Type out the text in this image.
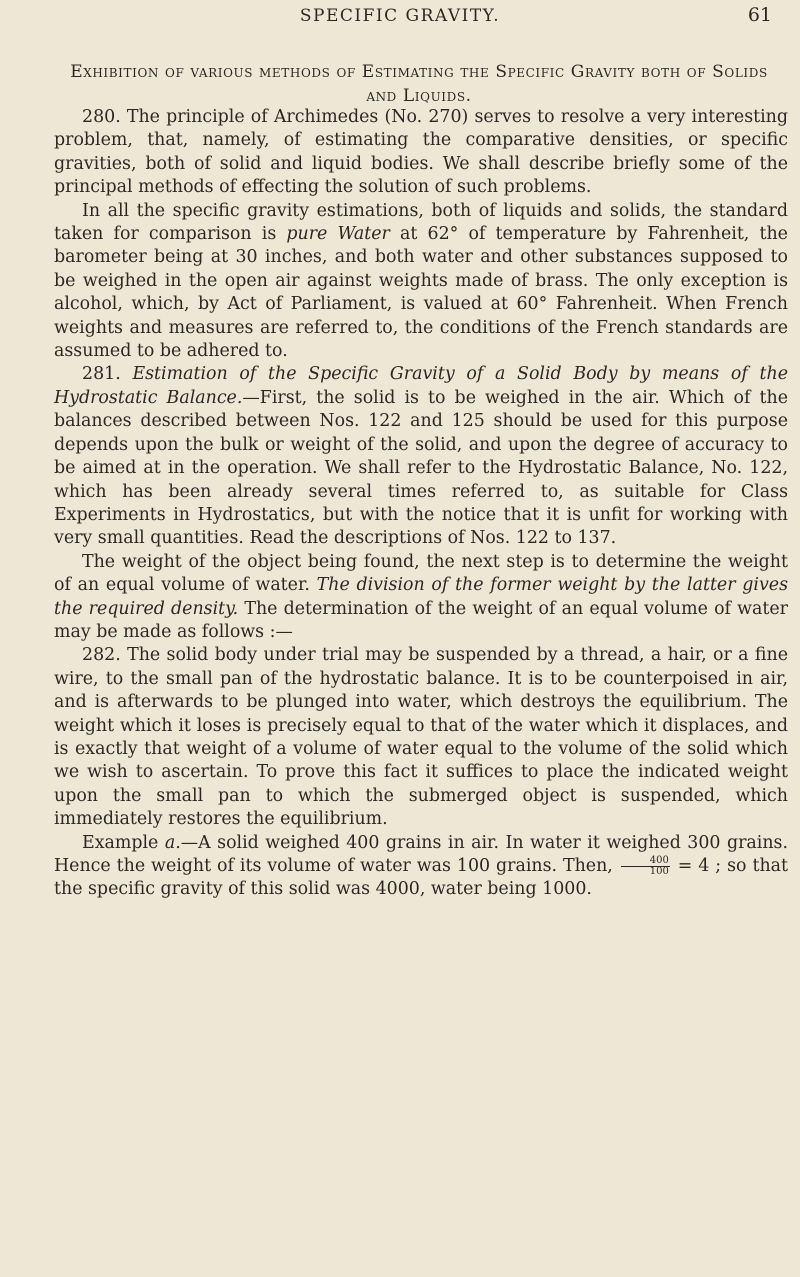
SPECIFIC GRAVITY.	61
Exhibition of various methods of Estimating the Specific Gravity both of Solids and Liquids.

280. The principle of Archimedes (No. 270) serves to resolve a very interesting problem, that, namely, of estimating the comparative densities, or specific gravities, both of solid and liquid bodies. We shall describe briefly some of the principal methods of effecting the solution of such problems.

In all the specific gravity estimations, both of liquids and solids, the standard taken for comparison is pure Water at 62° of temperature by Fahrenheit, the barometer being at 30 inches, and both water and other substances supposed to be weighed in the open air against weights made of brass. The only exception is alcohol, which, by Act of Parliament, is valued at 60° Fahrenheit. When French weights and measures are referred to, the conditions of the French standards are assumed to be adhered to.

281. Estimation of the Specific Gravity of a Solid Body by means of the Hydrostatic Balance.—First, the solid is to be weighed in the air. Which of the balances described between Nos. 122 and 125 should be used for this purpose depends upon the bulk or weight of the solid, and upon the degree of accuracy to be aimed at in the operation. We shall refer to the Hydrostatic Balance, No. 122, which has been already several times referred to, as suitable for Class Experiments in Hydrostatics, but with the notice that it is unfit for working with very small quantities. Read the descriptions of Nos. 122 to 137.

The weight of the object being found, the next step is to determine the weight of an equal volume of water. The division of the former weight by the latter gives the required density. The determination of the weight of an equal volume of water may be made as follows :—

282. The solid body under trial may be suspended by a thread, a hair, or a fine wire, to the small pan of the hydrostatic balance. It is to be counterpoised in air, and is afterwards to be plunged into water, which destroys the equilibrium. The weight which it loses is precisely equal to that of the water which it displaces, and is exactly that weight of a volume of water equal to the volume of the solid which we wish to ascertain. To prove this fact it suffices to place the indicated weight upon the small pan to which the submerged object is suspended, which immediately restores the equilibrium.

Example a.—A solid weighed 400 grains in air. In water it weighed 300 grains. Hence the weight of its volume of water was 100 grains. Then, $\frac{400}{100} = 4$ ; so that the specific gravity of this solid was 4000, water being 1000.
